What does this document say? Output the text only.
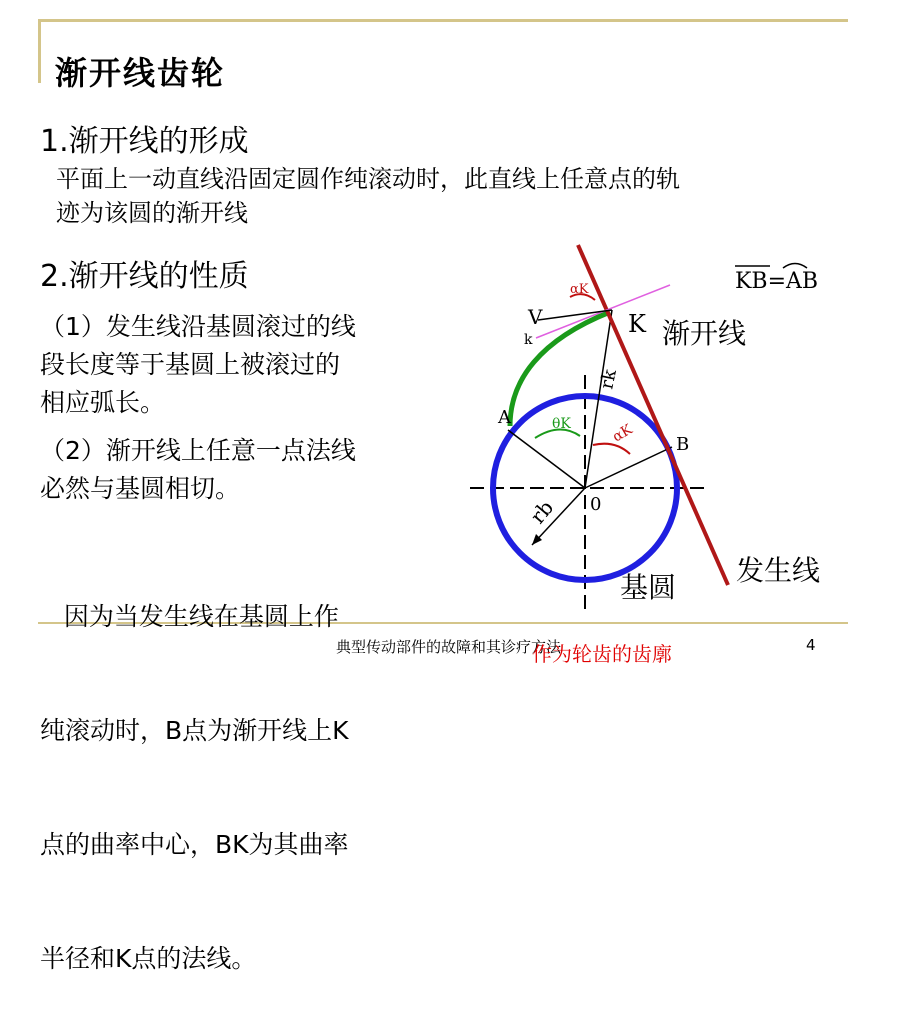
渐开线齿轮
1.渐开线的形成
平面上一动直线沿固定圆作纯滚动时，此直线上任意点的轨
迹为该圆的渐开线
2.渐开线的性质
（1）发生线沿基圆滚过的线
段长度等于基圆上被滚过的
相应弧长。
（2）渐开线上任意一点法线
必然与基圆相切。

因为当发生线在基圆上作

纯滚动时，B点为渐开线上K

点的曲率中心，BK为其曲率

半径和K点的法线。

KB=AB
渐开线
发生线
基圆
K
A
B
0
V
k
αK
αK
θK
rk
rb
典型传动部件的故障和其诊疗方法	4
作为轮齿的齿廓
